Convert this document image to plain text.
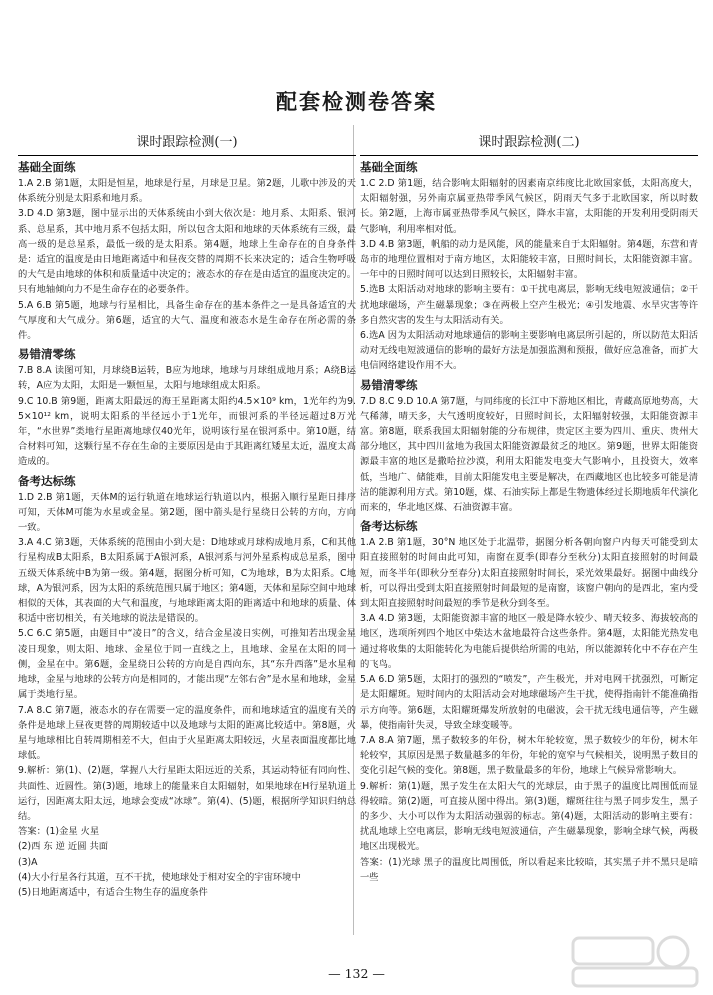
配套检测卷答案
课时跟踪检测(一)
基础全面练

1.A 2.B 第1题，太阳是恒星，地球是行星，月球是卫星。第2题，儿歌中涉及的天体系统分别是太阳系和地月系。

3.D 4.D 第3题，图中显示出的天体系统由小到大依次是：地月系、太阳系、银河系、总星系，其中地月系不包括太阳，所以包含太阳和地球的天体系统有三级，最高一级的是总星系，最低一级的是太阳系。第4题，地球上生命存在的自身条件是：适宜的温度是由日地距离适中和昼夜交替的周期不长来决定的；适合生物呼吸的大气是由地球的体积和质量适中决定的；液态水的存在是由适宜的温度决定的。只有地轴倾向力不是生命存在的必要条件。

5.A 6.B 第5题，地球与行星相比，具备生命存在的基本条件之一是具备适宜的大气厚度和大气成分。第6题，适宜的大气、温度和液态水是生命存在所必需的条件。

易错清零练

7.B 8.A 读图可知，月球绕B运转，B应为地球，地球与月球组成地月系；A绕B运转，A应为太阳，太阳是一颗恒星，太阳与地球组成太阳系。

9.C 10.B 第9题，距离太阳最远的海王星距离太阳约4.5×10⁹ km，1光年约为9.5×10¹² km，说明太阳系的半径远小于1光年，而银河系的半径远超过8万光年，“水世界”类地行星距离地球仅40光年，说明该行星在银河系中。第10题，结合材料可知，这颗行星不存在生命的主要原因是由于其距离红矮星太近，温度太高造成的。

备考达标练

1.D 2.B 第1题，天体M的运行轨道在地球运行轨道以内，根据入顺行星距日排序可知，天体M可能为水星或金星。第2题，图中箭头是行星绕日公转的方向，方向一致。

3.A 4.C 第3题，天体系统的范围由小到大是：D地球或月球构成地月系，C和其他行星构成B太阳系，B太阳系属于A银河系，A银河系与河外星系构成总星系，图中五级天体系统中B为第一级。第4题，据图分析可知，C为地球，B为太阳系。C地球，A为银河系，因为太阳的系统范围只属于地区；第4题，天体和星际空间中地球相似的天体，其表面的大气和温度，与地球距离太阳的距离适中和地球的质量、体积适中密切相关，有关地球的说法是错误的。

5.C 6.C 第5题，由题目中“凌日”的含义，结合金星凌日实例，可推知若出现金星凌日现象，则太阳、地球、金星位于同一直线之上，且地球、金星在太阳的同一侧，金星在中。第6题，金星绕日公转的方向是自西向东，其“东升西落”是水星和地球，金星与地球的公转方向是相同的，才能出现“左邻右舍”是水星和地球，金星属于类地行星。

7.A 8.C 第7题，液态水的存在需要一定的温度条件，而和地球适宜的温度有关的条件是地球上昼夜更替的周期较适中以及地球与太阳的距离比较适中。第8题，火星与地球相比自转周期相差不大，但由于火星距离太阳较远，火星表面温度都比地球低。

9.解析：第(1)、(2)题，掌握八大行星距太阳远近的关系，其运动特征有同向性、共面性、近圆性。第(3)题，地球上的能量来自太阳辐射，如果地球在H行星轨道上运行，因距离太阳太远，地球会变成“冰球”。第(4)、(5)题，根据所学知识归纳总结。

答案：(1)金星 火星

(2)西 东 逆 近圆 共面

(3)A

(4)大小行星各行其道，互不干扰，使地球处于相对安全的宇宙环境中

(5)日地距离适中，有适合生物生存的温度条件

课时跟踪检测(二)
基础全面练

1.C 2.D 第1题，结合影响太阳辐射的因素南京纬度比北欧国家低，太阳高度大，太阳辐射强，另外南京属亚热带季风气候区，阴雨天气多于北欧国家，所以时数长。第2题，上海市属亚热带季风气候区，降水丰富，太阳能的开发利用受阴雨天气影响，利用率相对低。

3.D 4.B 第3题，帆船的动力是风能，风的能量来自于太阳辐射。第4题，东营和青岛市的地理位置相对于南方地区，太阳能较丰富，日照时间长，太阳能资源丰富。一年中的日照时间可以达到日照较长，太阳辐射丰富。

5.选B 太阳活动对地球的影响主要有：①干扰电离层，影响无线电短波通信；②干扰地球磁场，产生磁暴现象；③在两极上空产生极光；④引发地震、水旱灾害等许多自然灾害的发生与太阳活动有关。

6.选A 因为太阳活动对地球通信的影响主要影响电离层所引起的，所以防范太阳活动对无线电短波通信的影响的最好方法是加强监测和预报，做好应急准备，而扩大电信网络建设作用不大。

易错清零练

7.D 8.C 9.D 10.A 第7题，与同纬度的长江中下游地区相比，青藏高原地势高，大气稀薄，晴天多，大气透明度较好，日照时间长，太阳辐射较强，太阳能资源丰富。第8题，联系我国太阳辐射能的分布规律，贵定区主要为四川、重庆、贵州大部分地区，其中四川盆地为我国太阳能资源最贫乏的地区。第9题，世界太阳能资源最丰富的地区是撒哈拉沙漠，利用太阳能发电变大气影响小，且投资大，效率低，当地广、储能难，目前太阳能发电主要是解决，在西藏地区也比较多可能是清洁的能源利用方式。第10题，煤、石油实际上都是生物遗体经过长期地质年代演化而来的，华北地区煤、石油资源丰富。

备考达标练

1.A 2.B 第1题，30°N 地区处于北温带，据图分析各朝向窗户内每天可能受到太阳直接照射的时间由此可知，南窗在夏季(即春分至秋分)太阳直接照射的时间最短，而冬半年(即秋分至春分)太阳直接照射时间长，采光效果最好。据图中曲线分析，可以得出受到太阳直接照射时间最短的是南窗，该窗户朝向的是西北，室内受到太阳直接照射时间最短的季节是秋分到冬至。

3.A 4.D 第3题，太阳能资源丰富的地区一般是降水较少、晴天较多、海拔较高的地区，选项所列四个地区中柴达木盆地最符合这些条件。第4题，太阳能光热发电通过将收集的太阳能转化为电能后提供给所需的电站，所以能源转化中不存在产生的飞鸟。

5.A 6.D 第5题，太阳打的强烈的“喷发”，产生极光，并对电网干扰强烈，可断定是太阳耀斑。短时间内的太阳活动会对地球磁场产生干扰，使得指南针不能准确指示方向等。第6题，太阳耀斑爆发所放射的电磁波，会干扰无线电通信等，产生磁暴，使指南针失灵，导致全球变暖等。

7.A 8.A 第7题，黑子数较多的年份，树木年轮较宽，黑子数较少的年份，树木年轮较窄，其原因是黑子数量越多的年份，年轮的宽窄与气候相关，说明黑子数目的变化引起气候的变化。第8题，黑子数量最多的年份，地球上气候异常影响大。

9.解析：第(1)题，黑子发生在太阳大气的光球层，由于黑子的温度比周围低而显得较暗。第(2)题，可直接从图中得出。第(3)题，耀斑往往与黑子同步发生，黑子的多少、大小可以作为太阳活动强弱的标志。第(4)题，太阳活动的影响主要有：扰乱地球上空电离层，影响无线电短波通信，产生磁暴现象，影响全球气候，两极地区出现极光。

答案：(1)光球 黑子的温度比周围低，所以看起来比较暗，其实黑子并不黑只是暗一些

— 132 —
